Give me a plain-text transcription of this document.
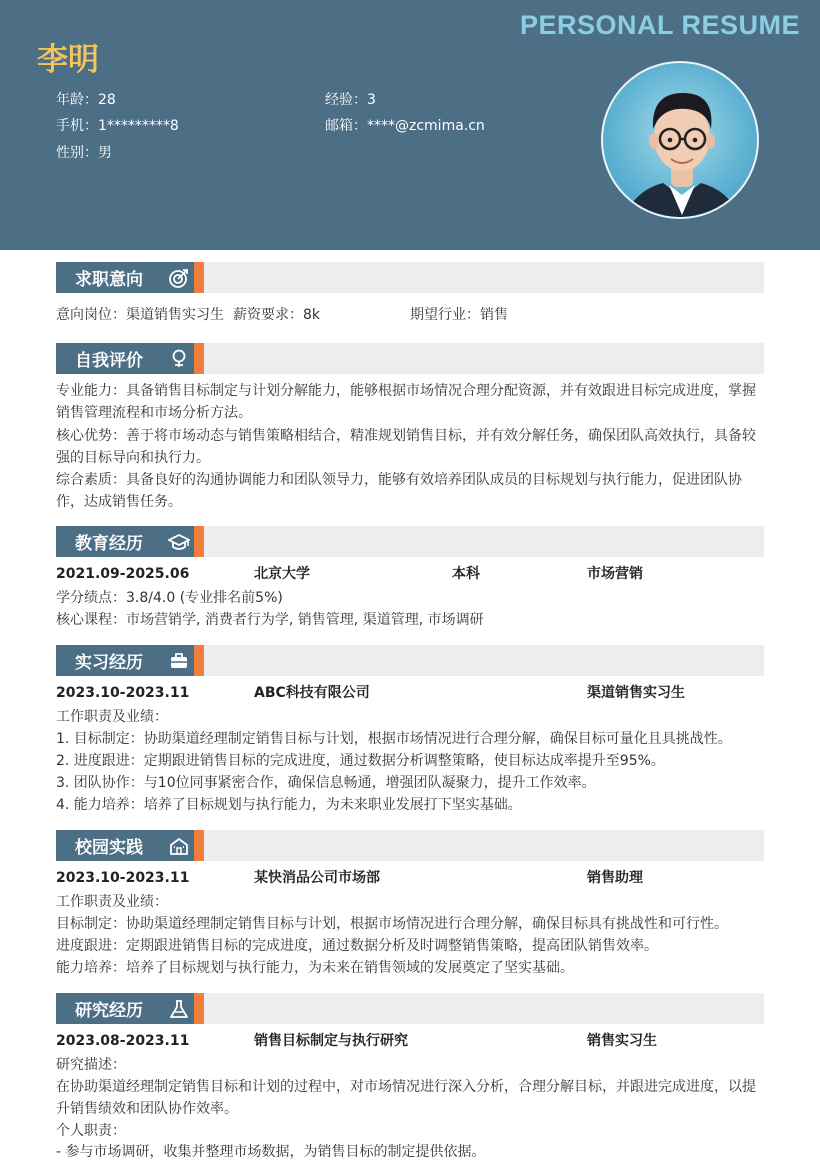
PERSONAL RESUME
李明
年龄：28	经验：3
手机：1*********8	邮箱：****@zcmima.cn
性别：男
求职意向
意向岗位：渠道销售实习生 薪资要求：8k	期望行业：销售
自我评价
专业能力：具备销售目标制定与计划分解能力，能够根据市场情况合理分配资源，并有效跟进目标完成进度，掌握销售管理流程和市场分析方法。
核心优势：善于将市场动态与销售策略相结合，精准规划销售目标，并有效分解任务，确保团队高效执行，具备较强的目标导向和执行力。
综合素质：具备良好的沟通协调能力和团队领导力，能够有效培养团队成员的目标规划与执行能力，促进团队协作，达成销售任务。
教育经历
2021.09-2025.06	北京大学	本科	市场营销
学分绩点：3.8/4.0 (专业排名前5%)
核心课程：市场营销学, 消费者行为学, 销售管理, 渠道管理, 市场调研
实习经历
2023.10-2023.11	ABC科技有限公司	渠道销售实习生
工作职责及业绩：
1. 目标制定：协助渠道经理制定销售目标与计划，根据市场情况进行合理分解，确保目标可量化且具挑战性。
2. 进度跟进：定期跟进销售目标的完成进度，通过数据分析调整策略，使目标达成率提升至95%。
3. 团队协作：与10位同事紧密合作，确保信息畅通，增强团队凝聚力，提升工作效率。
4. 能力培养：培养了目标规划与执行能力，为未来职业发展打下坚实基础。
校园实践
2023.10-2023.11	某快消品公司市场部	销售助理
工作职责及业绩：
目标制定：协助渠道经理制定销售目标与计划，根据市场情况进行合理分解，确保目标具有挑战性和可行性。
进度跟进：定期跟进销售目标的完成进度，通过数据分析及时调整销售策略，提高团队销售效率。
能力培养：培养了目标规划与执行能力，为未来在销售领域的发展奠定了坚实基础。
研究经历
2023.08-2023.11	销售目标制定与执行研究	销售实习生
研究描述：
在协助渠道经理制定销售目标和计划的过程中，对市场情况进行深入分析，合理分解目标，并跟进完成进度，以提升销售绩效和团队协作效率。
个人职责：
- 参与市场调研，收集并整理市场数据，为销售目标的制定提供依据。
